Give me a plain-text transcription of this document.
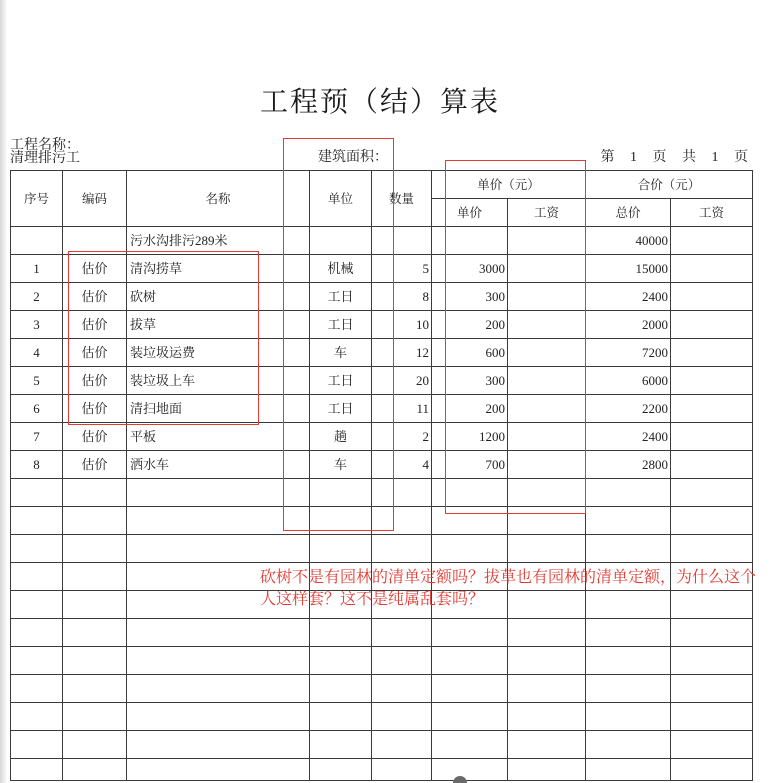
工程预（结）算表
工程名称：
清理排污工	建筑面积：	第 1 页 共 1 页
序号	编码	名称	单位	数量	单价（元）		合价（元）	
					单价	工资	总价	工资
		污水沟排污289米					40000	
1	估价	清沟捞草	机械	5	3000		15000	
2	估价	砍树	工日	8	300		2400	
3	估价	拔草	工日	10	200		2000	
4	估价	装垃圾运费	车	12	600		7200	
5	估价	装垃圾上车	工日	20	300		6000	
6	估价	清扫地面	工日	11	200		2200	
7	估价	平板	趟	2	1200		2400	
8	估价	洒水车	车	4	700		2800	

砍树不是有园林的清单定额吗？拔草也有园林的清单定额，为什么这个人这样套？这不是纯属乱套吗？
